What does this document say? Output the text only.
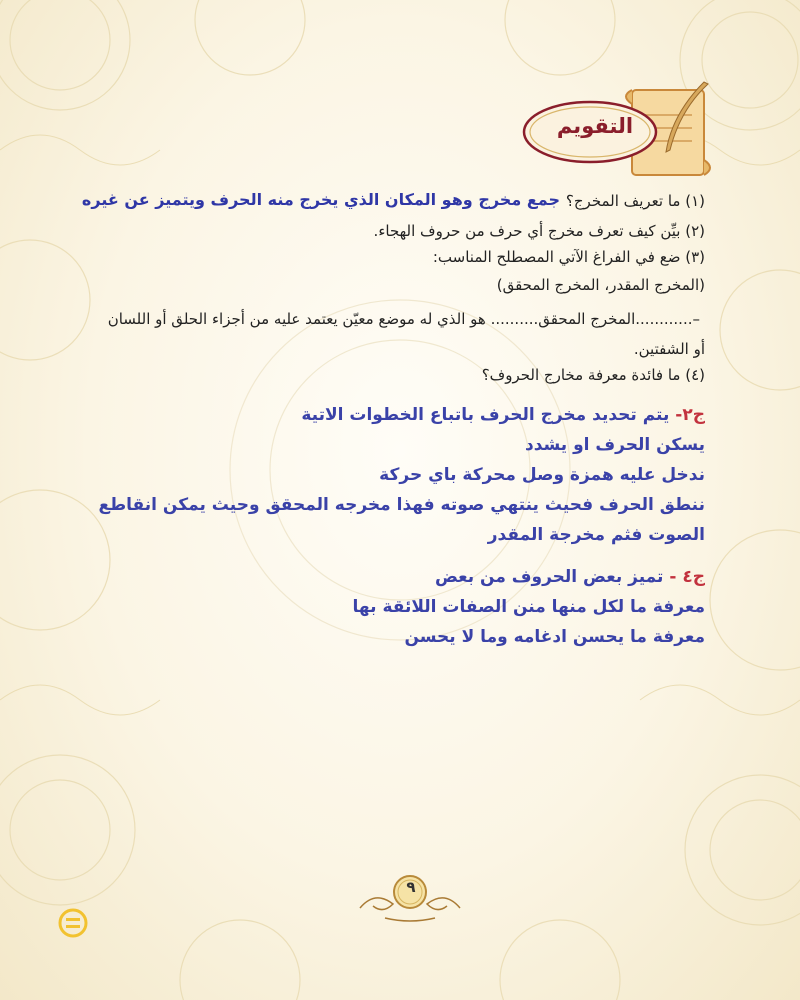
التقويم
(١) ما تعريف المخرج؟
جمع مخرج وهو المكان الذي يخرج منه الحرف ويتميز عن غيره
(٢) بيِّن كيف تعرف مخرج أي حرف من حروف الهجاء.
(٣) ضع في الفراغ الآتي المصطلح المناسب:
(المخرج المقدر، المخرج المحقق)
–............المخرج المحقق.......... هو الذي له موضع معيّن يعتمد عليه من أجزاء الحلق أو اللسان
أو الشفتين.
(٤) ما فائدة معرفة مخارج الحروف؟
ج٢- يتم تحديد مخرج الحرف باتباع الخطوات الاتية
يسكن الحرف او يشدد
ندخل عليه همزة وصل محركة باي حركة
ننطق الحرف فحيث ينتهي صوته فهذا مخرجه المحقق وحيث يمكن انقاطع
الصوت فثم مخرجة المقدر
ج٤ - تميز بعض الحروف من بعض
معرفة ما لكل منها منن الصفات اللائقة بها
معرفة ما يحسن ادغامه وما لا يحسن
٩
